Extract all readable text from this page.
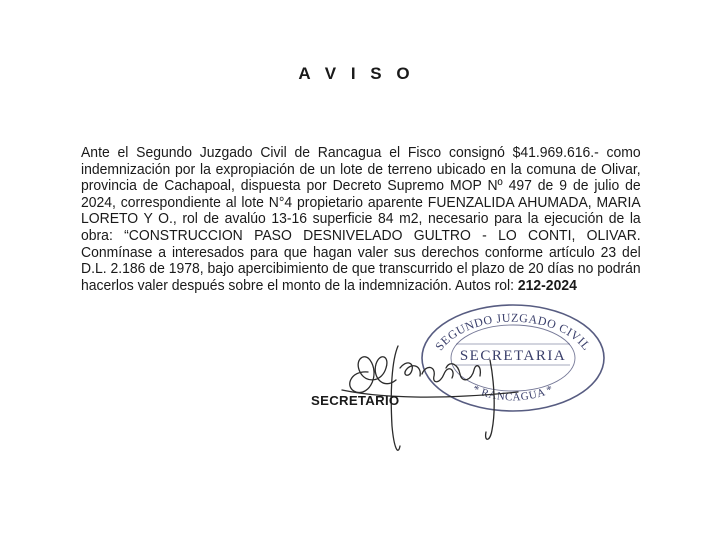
A V I S O
Ante el Segundo Juzgado Civil de Rancagua el Fisco consignó $41.969.616.- como indemnización por la expropiación de un lote de terreno ubicado en la comuna de Olivar, provincia de Cachapoal, dispuesta por Decreto Supremo MOP Nº 497 de 9 de julio de 2024, correspondiente al lote N°4 propietario aparente FUENZALIDA AHUMADA, MARIA LORETO Y O., rol de avalúo 13-16 superficie 84 m2, necesario para la ejecución de la obra: “CONSTRUCCION PASO DESNIVELADO GULTRO - LO CONTI, OLIVAR. Conmínase a interesados para que hagan valer sus derechos conforme artículo 23 del D.L. 2.186 de 1978, bajo apercibimiento de que transcurrido el plazo de 20 días no podrán hacerlos valer después sobre el monto de la indemnización. Autos rol: 212-2024
SEGUNDO JUZGADO CIVIL
SECRETARIA
* RANCAGUA *
SECRETARIO
